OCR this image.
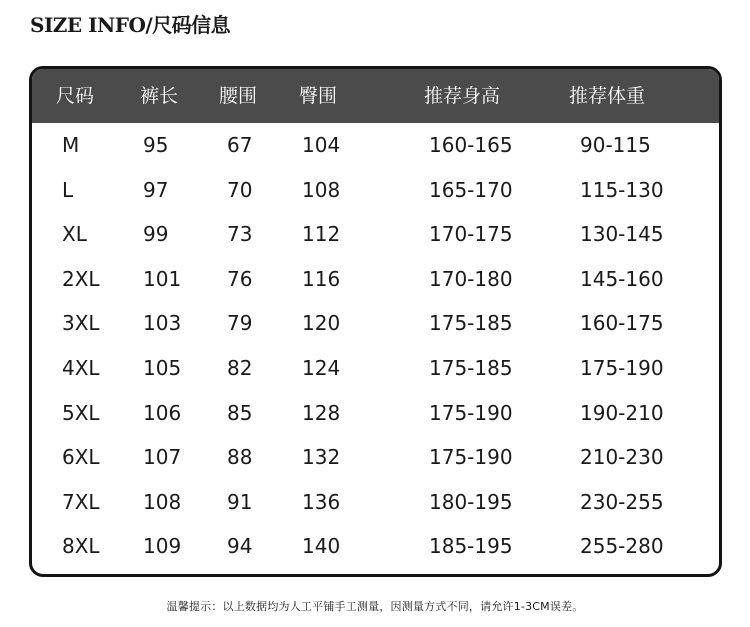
SIZE INFO/尺码信息
尺码 裤长 腰围 臀围	推荐身高	推荐体重
M	95	67 104	160-165	90-115
L	97	70 108	165-170	115-130
XL	99	73 112	170-175	130-145
2XL 101 76 116	170-180	145-160
3XL 103 79 120	175-185	160-175
4XL 105 82 124	175-185	175-190
5XL 106 85 128	175-190	190-210
6XL 107 88 132	175-190	210-230
7XL 108 91 136	180-195	230-255
8XL 109 94 140	185-195	255-280
温馨提示：以上数据均为人工平铺手工测量，因测量方式不同，请允许1-3CM误差。
